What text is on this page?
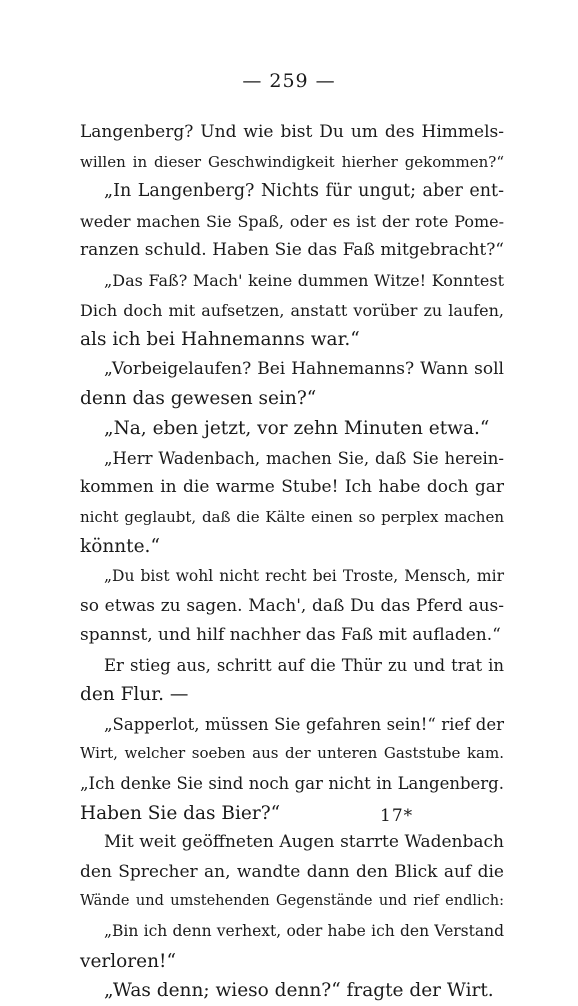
— 259 —
Langenberg? Und wie bist Du um des Himmels-
willen in dieser Geschwindigkeit hierher gekommen?“
„In Langenberg? Nichts für ungut; aber ent-
weder machen Sie Spaß, oder es ist der rote Pome-
ranzen schuld. Haben Sie das Faß mitgebracht?“
„Das Faß? Mach' keine dummen Witze! Konntest
Dich doch mit aufsetzen, anstatt vorüber zu laufen,
als ich bei Hahnemanns war.“
„Vorbeigelaufen? Bei Hahnemanns? Wann soll
denn das gewesen sein?“
„Na, eben jetzt, vor zehn Minuten etwa.“
„Herr Wadenbach, machen Sie, daß Sie herein-
kommen in die warme Stube! Ich habe doch gar
nicht geglaubt, daß die Kälte einen so perplex machen
könnte.“
„Du bist wohl nicht recht bei Troste, Mensch, mir
so etwas zu sagen. Mach', daß Du das Pferd aus-
spannst, und hilf nachher das Faß mit aufladen.“
Er stieg aus, schritt auf die Thür zu und trat in
den Flur. —
„Sapperlot, müssen Sie gefahren sein!“ rief der
Wirt, welcher soeben aus der unteren Gaststube kam.
„Ich denke Sie sind noch gar nicht in Langenberg.
Haben Sie das Bier?“
Mit weit geöffneten Augen starrte Wadenbach
den Sprecher an, wandte dann den Blick auf die
Wände und umstehenden Gegenstände und rief endlich:
„Bin ich denn verhext, oder habe ich den Verstand
verloren!“
„Was denn; wieso denn?“ fragte der Wirt.
17*
